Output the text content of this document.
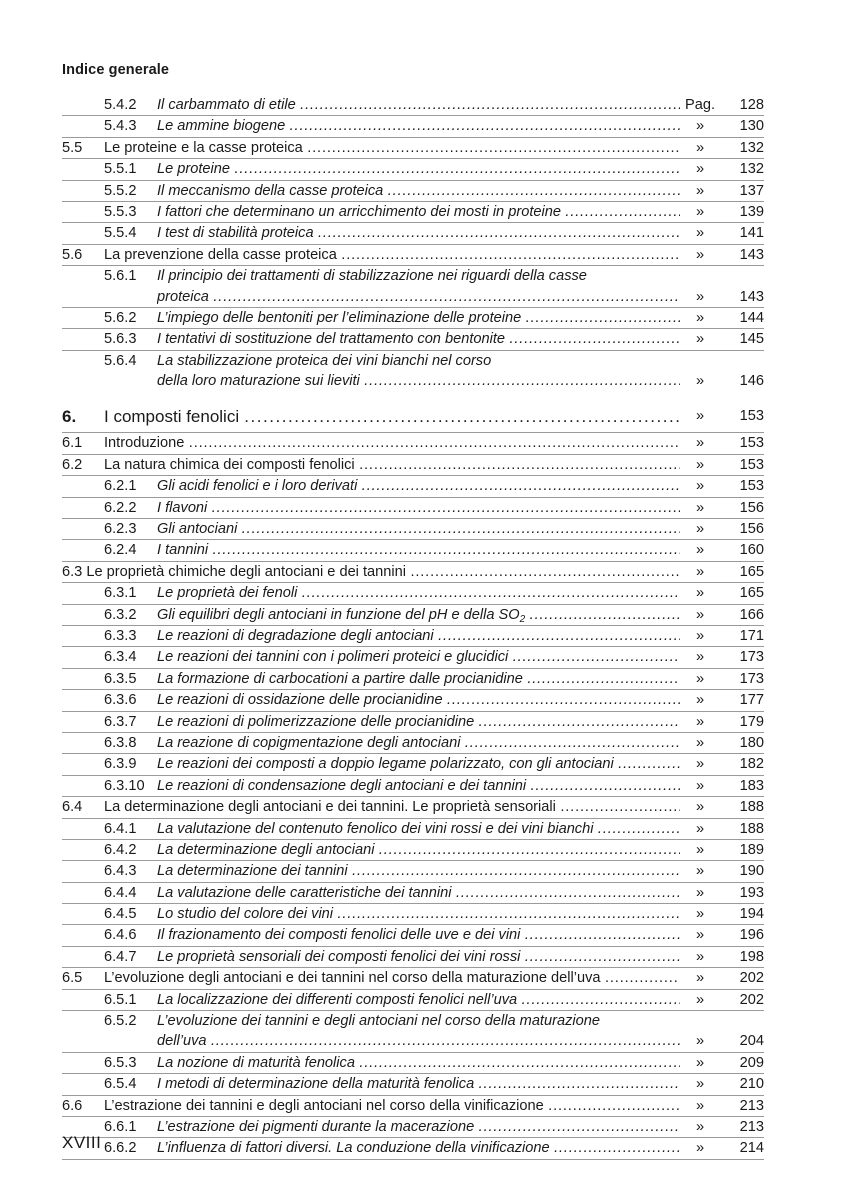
Indice generale
5.4.2 Il carbammato di etile . . .	Pag.	128
5.4.3 Le ammine biogene . . .	»	130
5.5 Le proteine e la casse proteica . . .	»	132
5.5.1 Le proteine . . .	»	132
5.5.2 Il meccanismo della casse proteica . . .	»	137
5.5.3 I fattori che determinano un arricchimento dei mosti in proteine . . .	»	139
5.5.4 I test di stabilità proteica . . .	»	141
5.6 La prevenzione della casse proteica . . .	»	143
5.6.1 Il principio dei trattamenti di stabilizzazione nei riguardi della casse
proteica . . .	»	143
5.6.2 L’impiego delle bentoniti per l’eliminazione delle proteine . . .	»	144
5.6.3 I tentativi di sostituzione del trattamento con bentonite . . .	»	145
5.6.4 La stabilizzazione proteica dei vini bianchi nel corso
della loro maturazione sui lieviti . . .	»	146
6. I composti fenolici . . .	»	153
6.1 Introduzione . . .	»	153
6.2 La natura chimica dei composti fenolici . . .	»	153
6.2.1 Gli acidi fenolici e i loro derivati . . .	»	153
6.2.2 I flavoni . . .	»	156
6.2.3 Gli antociani . . .	»	156
6.2.4 I tannini . . .	»	160
6.3 Le proprietà chimiche degli antociani e dei tannini . . .	»	165
6.3.1 Le proprietà dei fenoli . . .	»	165
6.3.2 Gli equilibri degli antociani in funzione del pH e della $SO_2$ . . .	»	166
6.3.3 Le reazioni di degradazione degli antociani . . .	»	171
6.3.4 Le reazioni dei tannini con i polimeri proteici e glucidici . . .	»	173
6.3.5 La formazione di carbocationi a partire dalle procianidine . . .	»	173
6.3.6 Le reazioni di ossidazione delle procianidine . . .	»	177
6.3.7 Le reazioni di polimerizzazione delle procianidine . . .	»	179
6.3.8 La reazione di copigmentazione degli antociani . . .	»	180
6.3.9 Le reazioni dei composti a doppio legame polarizzato, con gli antociani . . .	»	182
6.3.10 Le reazioni di condensazione degli antociani e dei tannini . . .	»	183
6.4 La determinazione degli antociani e dei tannini. Le proprietà sensoriali . . .	»	188
6.4.1 La valutazione del contenuto fenolico dei vini rossi e dei vini bianchi . . .	»	188
6.4.2 La determinazione degli antociani . . .	»	189
6.4.3 La determinazione dei tannini . . .	»	190
6.4.4 La valutazione delle caratteristiche dei tannini . . .	»	193
6.4.5 Lo studio del colore dei vini . . .	»	194
6.4.6 Il frazionamento dei composti fenolici delle uve e dei vini . . .	»	196
6.4.7 Le proprietà sensoriali dei composti fenolici dei vini rossi . . .	»	198
6.5 L’evoluzione degli antociani e dei tannini nel corso della maturazione dell’uva . . .	»	202
6.5.1 La localizzazione dei differenti composti fenolici nell’uva . . .	»	202
6.5.2 L’evoluzione dei tannini e degli antociani nel corso della maturazione
dell’uva . . .	»	204
6.5.3 La nozione di maturità fenolica . . .	»	209
6.5.4 I metodi di determinazione della maturità fenolica . . .	»	210
6.6 L’estrazione dei tannini e degli antociani nel corso della vinificazione . . .	»	213
6.6.1 L’estrazione dei pigmenti durante la macerazione . . .	»	213
6.6.2 L’influenza di fattori diversi. La conduzione della vinificazione . . .	»	214
XVIII
